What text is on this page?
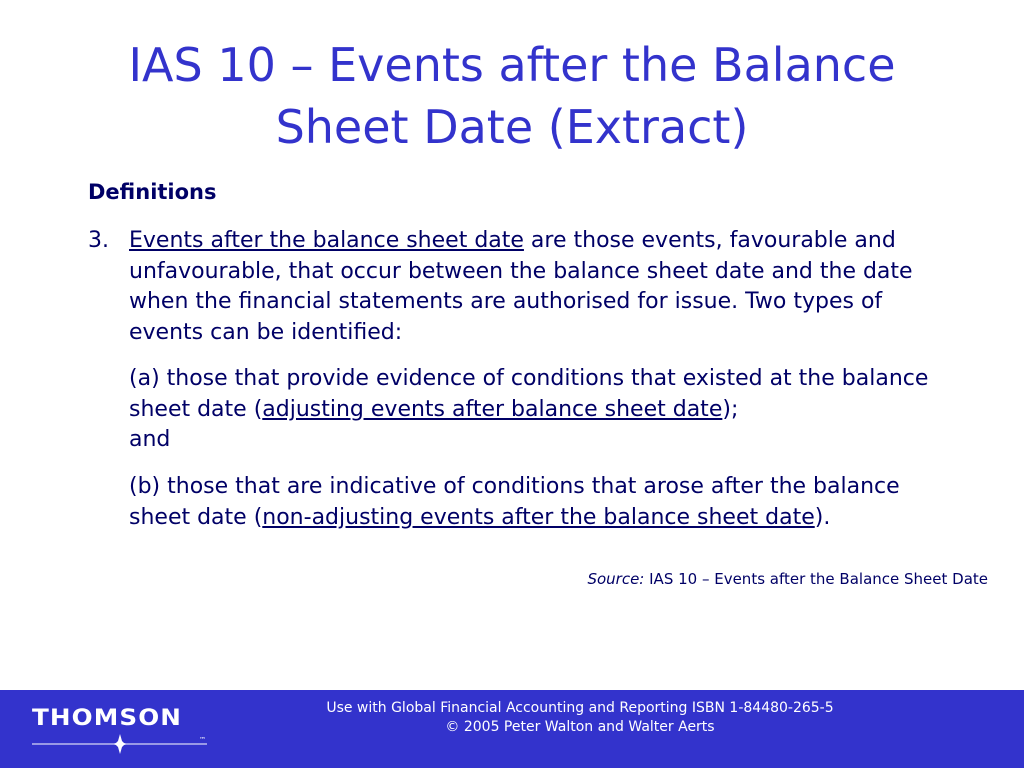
IAS 10 – Events after the Balance
Sheet Date (Extract)
Definitions
3. Events after the balance sheet date are those events, favourable and
unfavourable, that occur between the balance sheet date and the date
when the financial statements are authorised for issue. Two types of
events can be identified:
(a) those that provide evidence of conditions that existed at the balance
sheet date (adjusting events after balance sheet date);
and
(b) those that are indicative of conditions that arose after the balance
sheet date (non-adjusting events after the balance sheet date).
Source: IAS 10 – Events after the Balance Sheet Date
THOMSON
™
Use with Global Financial Accounting and Reporting ISBN 1-84480-265-5
© 2005 Peter Walton and Walter Aerts
